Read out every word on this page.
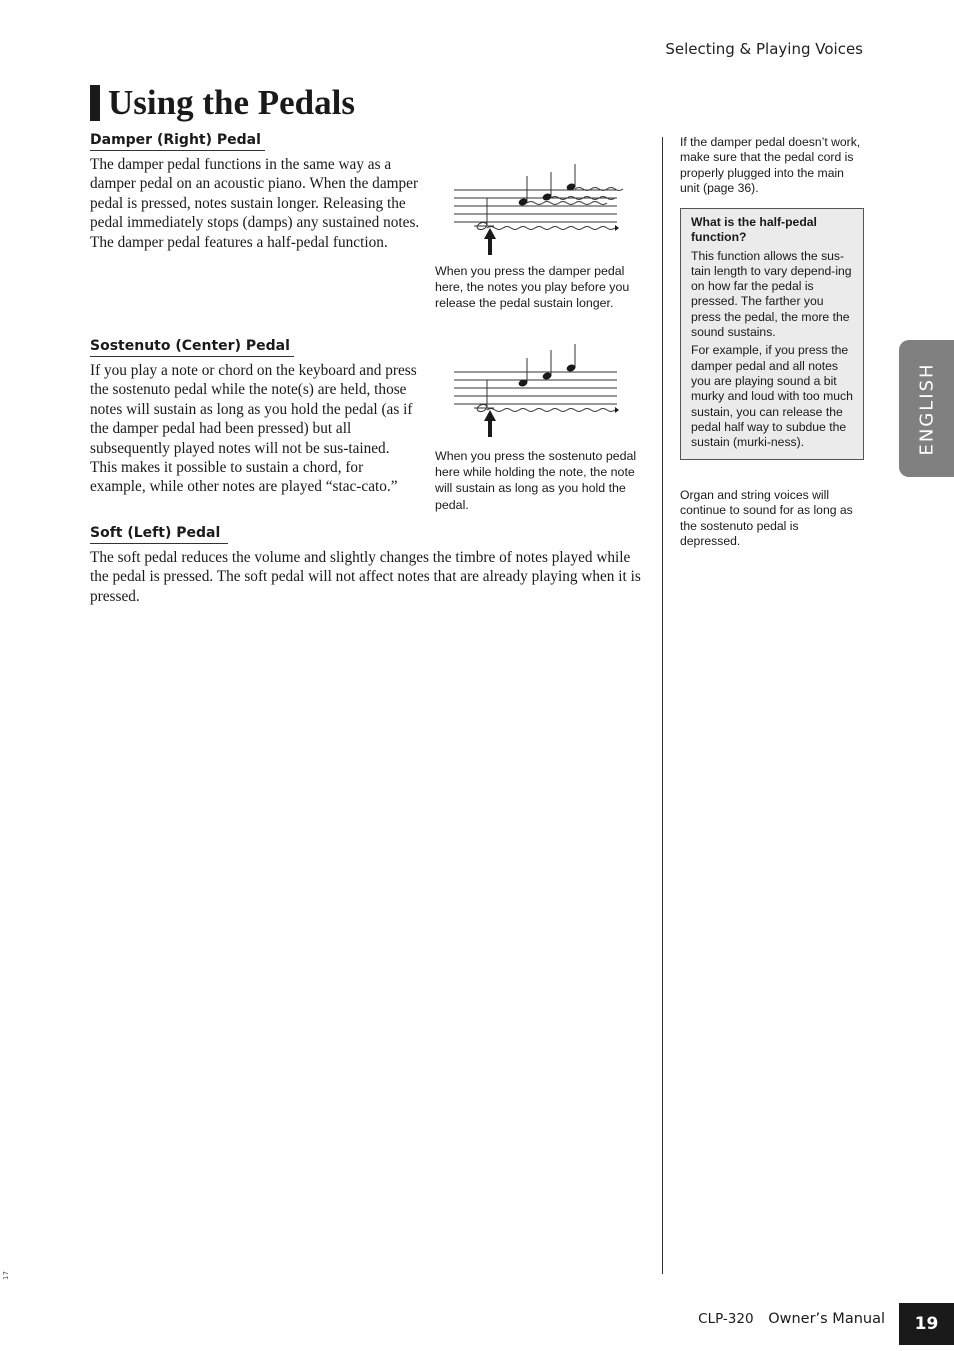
Selecting & Playing Voices
Using the Pedals
Damper (Right) Pedal

The damper pedal functions in the same way as a damper pedal on an acoustic piano. When the damper pedal is pressed, notes sustain longer. Releasing the pedal immediately stops (damps) any sustained notes.

The damper pedal features a half-pedal function.

When you press the damper pedal here, the notes you play before you release the pedal sustain longer.
Sostenuto (Center) Pedal

If you play a note or chord on the keyboard and press the sostenuto pedal while the note(s) are held, those notes will sustain as long as you hold the pedal (as if the damper pedal had been pressed) but all subsequently played notes will not be sus-tained. This makes it possible to sustain a chord, for example, while other notes are played “stac-cato.”

When you press the sostenuto pedal here while holding the note, the note will sustain as long as you hold the pedal.
Soft (Left) Pedal

The soft pedal reduces the volume and slightly changes the timbre of notes played while the pedal is pressed. The soft pedal will not affect notes that are already playing when it is pressed.

If the damper pedal doesn’t work, make sure that the pedal cord is properly plugged into the main unit (page 36).

What is the half-pedal function?

This function allows the sus-tain length to vary depend-ing on how far the pedal is pressed. The farther you press the pedal, the more the sound sustains.

For example, if you press the damper pedal and all notes you are playing sound a bit murky and loud with too much sustain, you can release the pedal half way to subdue the sustain (murki-ness).

Organ and string voices will continue to sound for as long as the sostenuto pedal is depressed.

ENGLISH
CLP-320 Owner’s Manual	19
17
